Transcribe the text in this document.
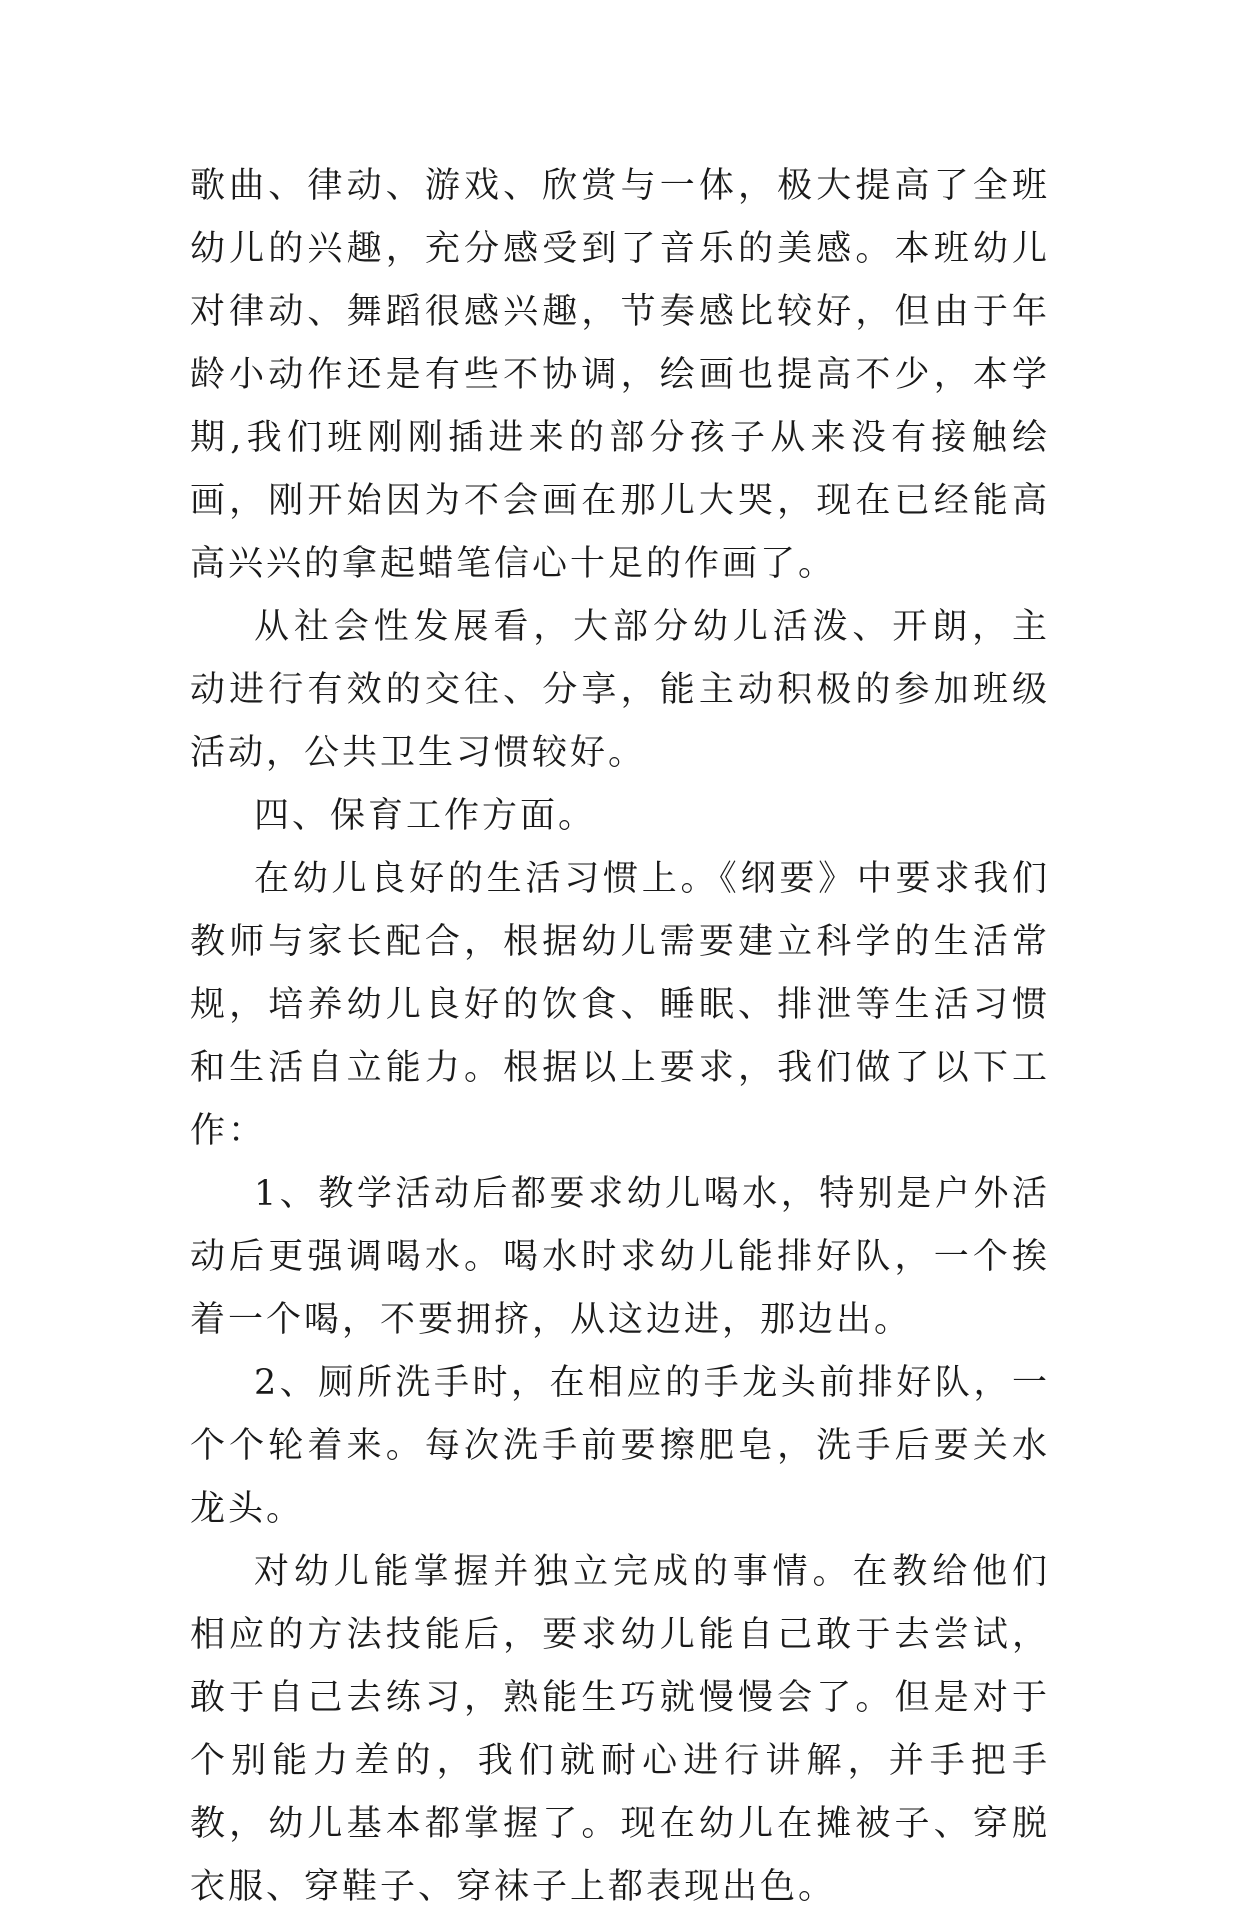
歌曲、律动、游戏、欣赏与一体，极大提高了全班幼儿的兴趣，充分感受到了音乐的美感。本班幼儿对律动、舞蹈很感兴趣，节奏感比较好，但由于年龄小动作还是有些不协调，绘画也提高不少，本学期,我们班刚刚插进来的部分孩子从来没有接触绘画，刚开始因为不会画在那儿大哭，现在已经能高高兴兴的拿起蜡笔信心十足的作画了。

从社会性发展看，大部分幼儿活泼、开朗，主动进行有效的交往、分享，能主动积极的参加班级活动，公共卫生习惯较好。

四、保育工作方面。

在幼儿良好的生活习惯上。《纲要》中要求我们教师与家长配合，根据幼儿需要建立科学的生活常规，培养幼儿良好的饮食、睡眠、排泄等生活习惯和生活自立能力。根据以上要求，我们做了以下工作：

1、教学活动后都要求幼儿喝水，特别是户外活动后更强调喝水。喝水时求幼儿能排好队，一个挨着一个喝，不要拥挤，从这边进，那边出。

2、厕所洗手时，在相应的手龙头前排好队，一个个轮着来。每次洗手前要擦肥皂，洗手后要关水龙头。

对幼儿能掌握并独立完成的事情。在教给他们相应的方法技能后，要求幼儿能自己敢于去尝试，敢于自己去练习，熟能生巧就慢慢会了。但是对于个别能力差的，我们就耐心进行讲解，并手把手教，幼儿基本都掌握了。现在幼儿在摊被子、穿脱衣服、穿鞋子、穿袜子上都表现出色。
